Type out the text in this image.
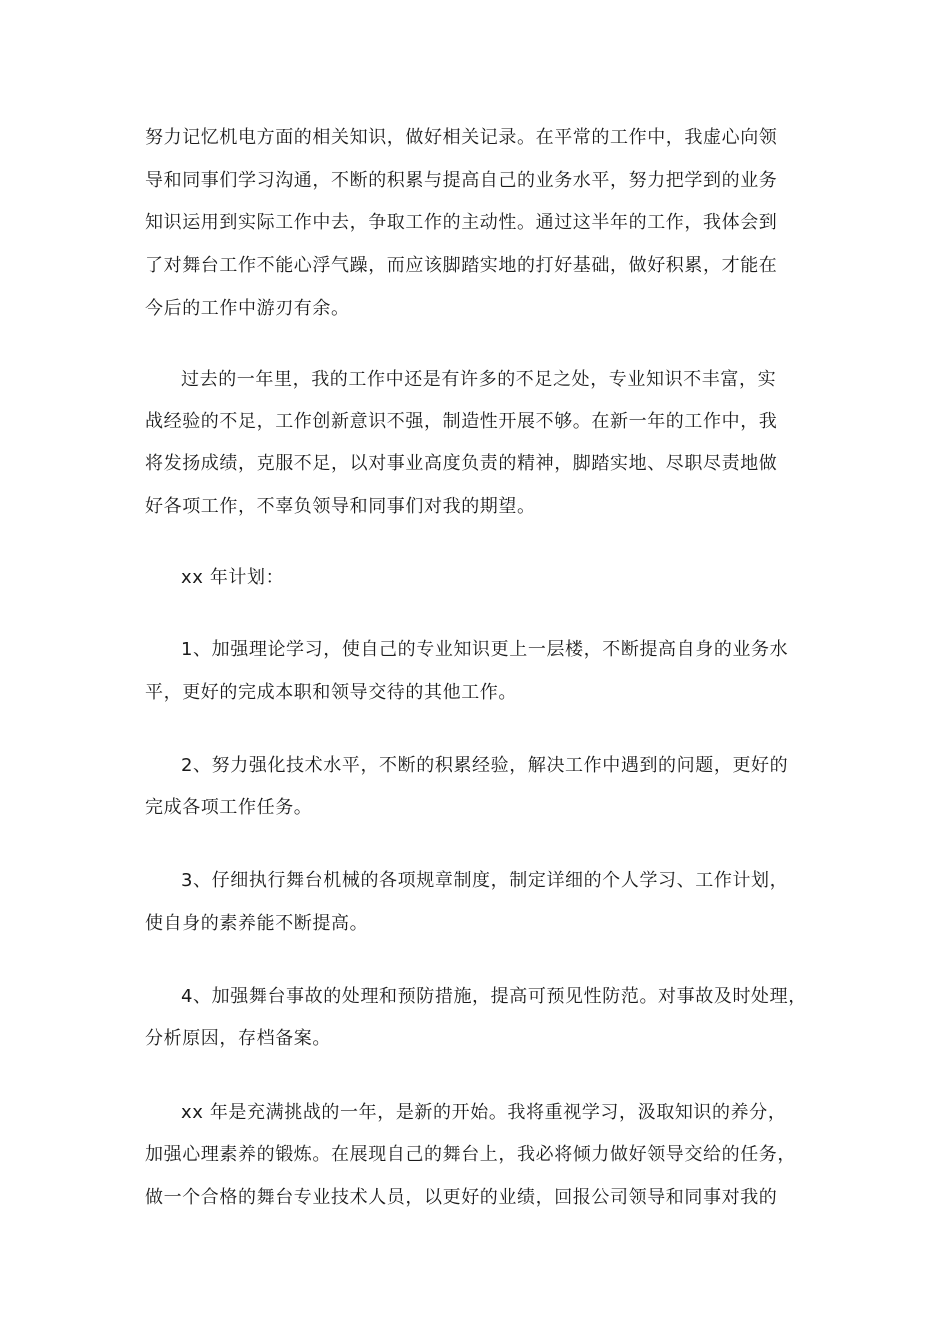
努力记忆机电方面的相关知识，做好相关记录。在平常的工作中，我虚心向领
导和同事们学习沟通，不断的积累与提高自己的业务水平，努力把学到的业务
知识运用到实际工作中去，争取工作的主动性。通过这半年的工作，我体会到
了对舞台工作不能心浮气躁，而应该脚踏实地的打好基础，做好积累，才能在
今后的工作中游刃有余。
过去的一年里，我的工作中还是有许多的不足之处，专业知识不丰富，实
战经验的不足，工作创新意识不强，制造性开展不够。在新一年的工作中，我
将发扬成绩，克服不足，以对事业高度负责的精神，脚踏实地、尽职尽责地做
好各项工作，不辜负领导和同事们对我的期望。
xx 年计划：
1、加强理论学习，使自己的专业知识更上一层楼，不断提高自身的业务水
平，更好的完成本职和领导交待的其他工作。
2、努力强化技术水平，不断的积累经验，解决工作中遇到的问题，更好的
完成各项工作任务。
3、仔细执行舞台机械的各项规章制度，制定详细的个人学习、工作计划，
使自身的素养能不断提高。
4、加强舞台事故的处理和预防措施，提高可预见性防范。对事故及时处理，
分析原因，存档备案。
xx 年是充满挑战的一年，是新的开始。我将重视学习，汲取知识的养分，
加强心理素养的锻炼。在展现自己的舞台上，我必将倾力做好领导交给的任务，
做一个合格的舞台专业技术人员，以更好的业绩，回报公司领导和同事对我的
